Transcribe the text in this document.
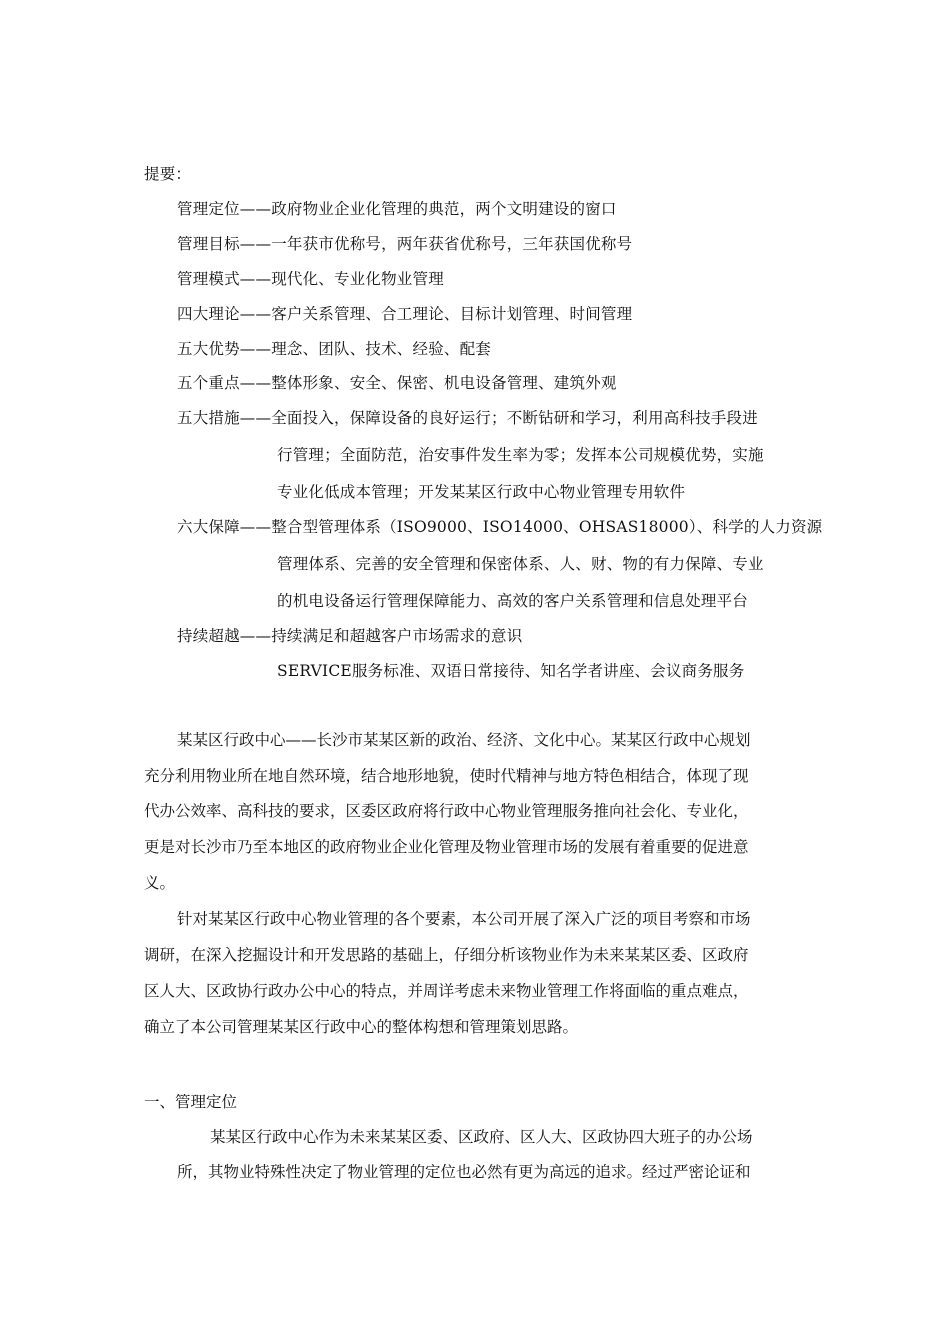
提要：
管理定位——政府物业企业化管理的典范，两个文明建设的窗口
管理目标——一年获市优称号，两年获省优称号，三年获国优称号
管理模式——现代化、专业化物业管理
四大理论——客户关系管理、合工理论、目标计划管理、时间管理
五大优势——理念、团队、技术、经验、配套
五个重点——整体形象、安全、保密、机电设备管理、建筑外观
五大措施——全面投入，保障设备的良好运行；不断钻研和学习，利用高科技手段进
行管理；全面防范，治安事件发生率为零；发挥本公司规模优势，实施
专业化低成本管理；开发某某区行政中心物业管理专用软件
六大保障——整合型管理体系（ISO9000、ISO14000、OHSAS18000）、科学的人力资源
管理体系、完善的安全管理和保密体系、人、财、物的有力保障、专业
的机电设备运行管理保障能力、高效的客户关系管理和信息处理平台
持续超越——持续满足和超越客户市场需求的意识
SERVICE服务标准、双语日常接待、知名学者讲座、会议商务服务
某某区行政中心——长沙市某某区新的政治、经济、文化中心。某某区行政中心规划
充分利用物业所在地自然环境，结合地形地貌，使时代精神与地方特色相结合，体现了现
代办公效率、高科技的要求，区委区政府将行政中心物业管理服务推向社会化、专业化，
更是对长沙市乃至本地区的政府物业企业化管理及物业管理市场的发展有着重要的促进意
义。
针对某某区行政中心物业管理的各个要素，本公司开展了深入广泛的项目考察和市场
调研，在深入挖掘设计和开发思路的基础上，仔细分析该物业作为未来某某区委、区政府
区人大、区政协行政办公中心的特点，并周详考虑未来物业管理工作将面临的重点难点，
确立了本公司管理某某区行政中心的整体构想和管理策划思路。
一、管理定位
某某区行政中心作为未来某某区委、区政府、区人大、区政协四大班子的办公场
所，其物业特殊性决定了物业管理的定位也必然有更为高远的追求。经过严密论证和
